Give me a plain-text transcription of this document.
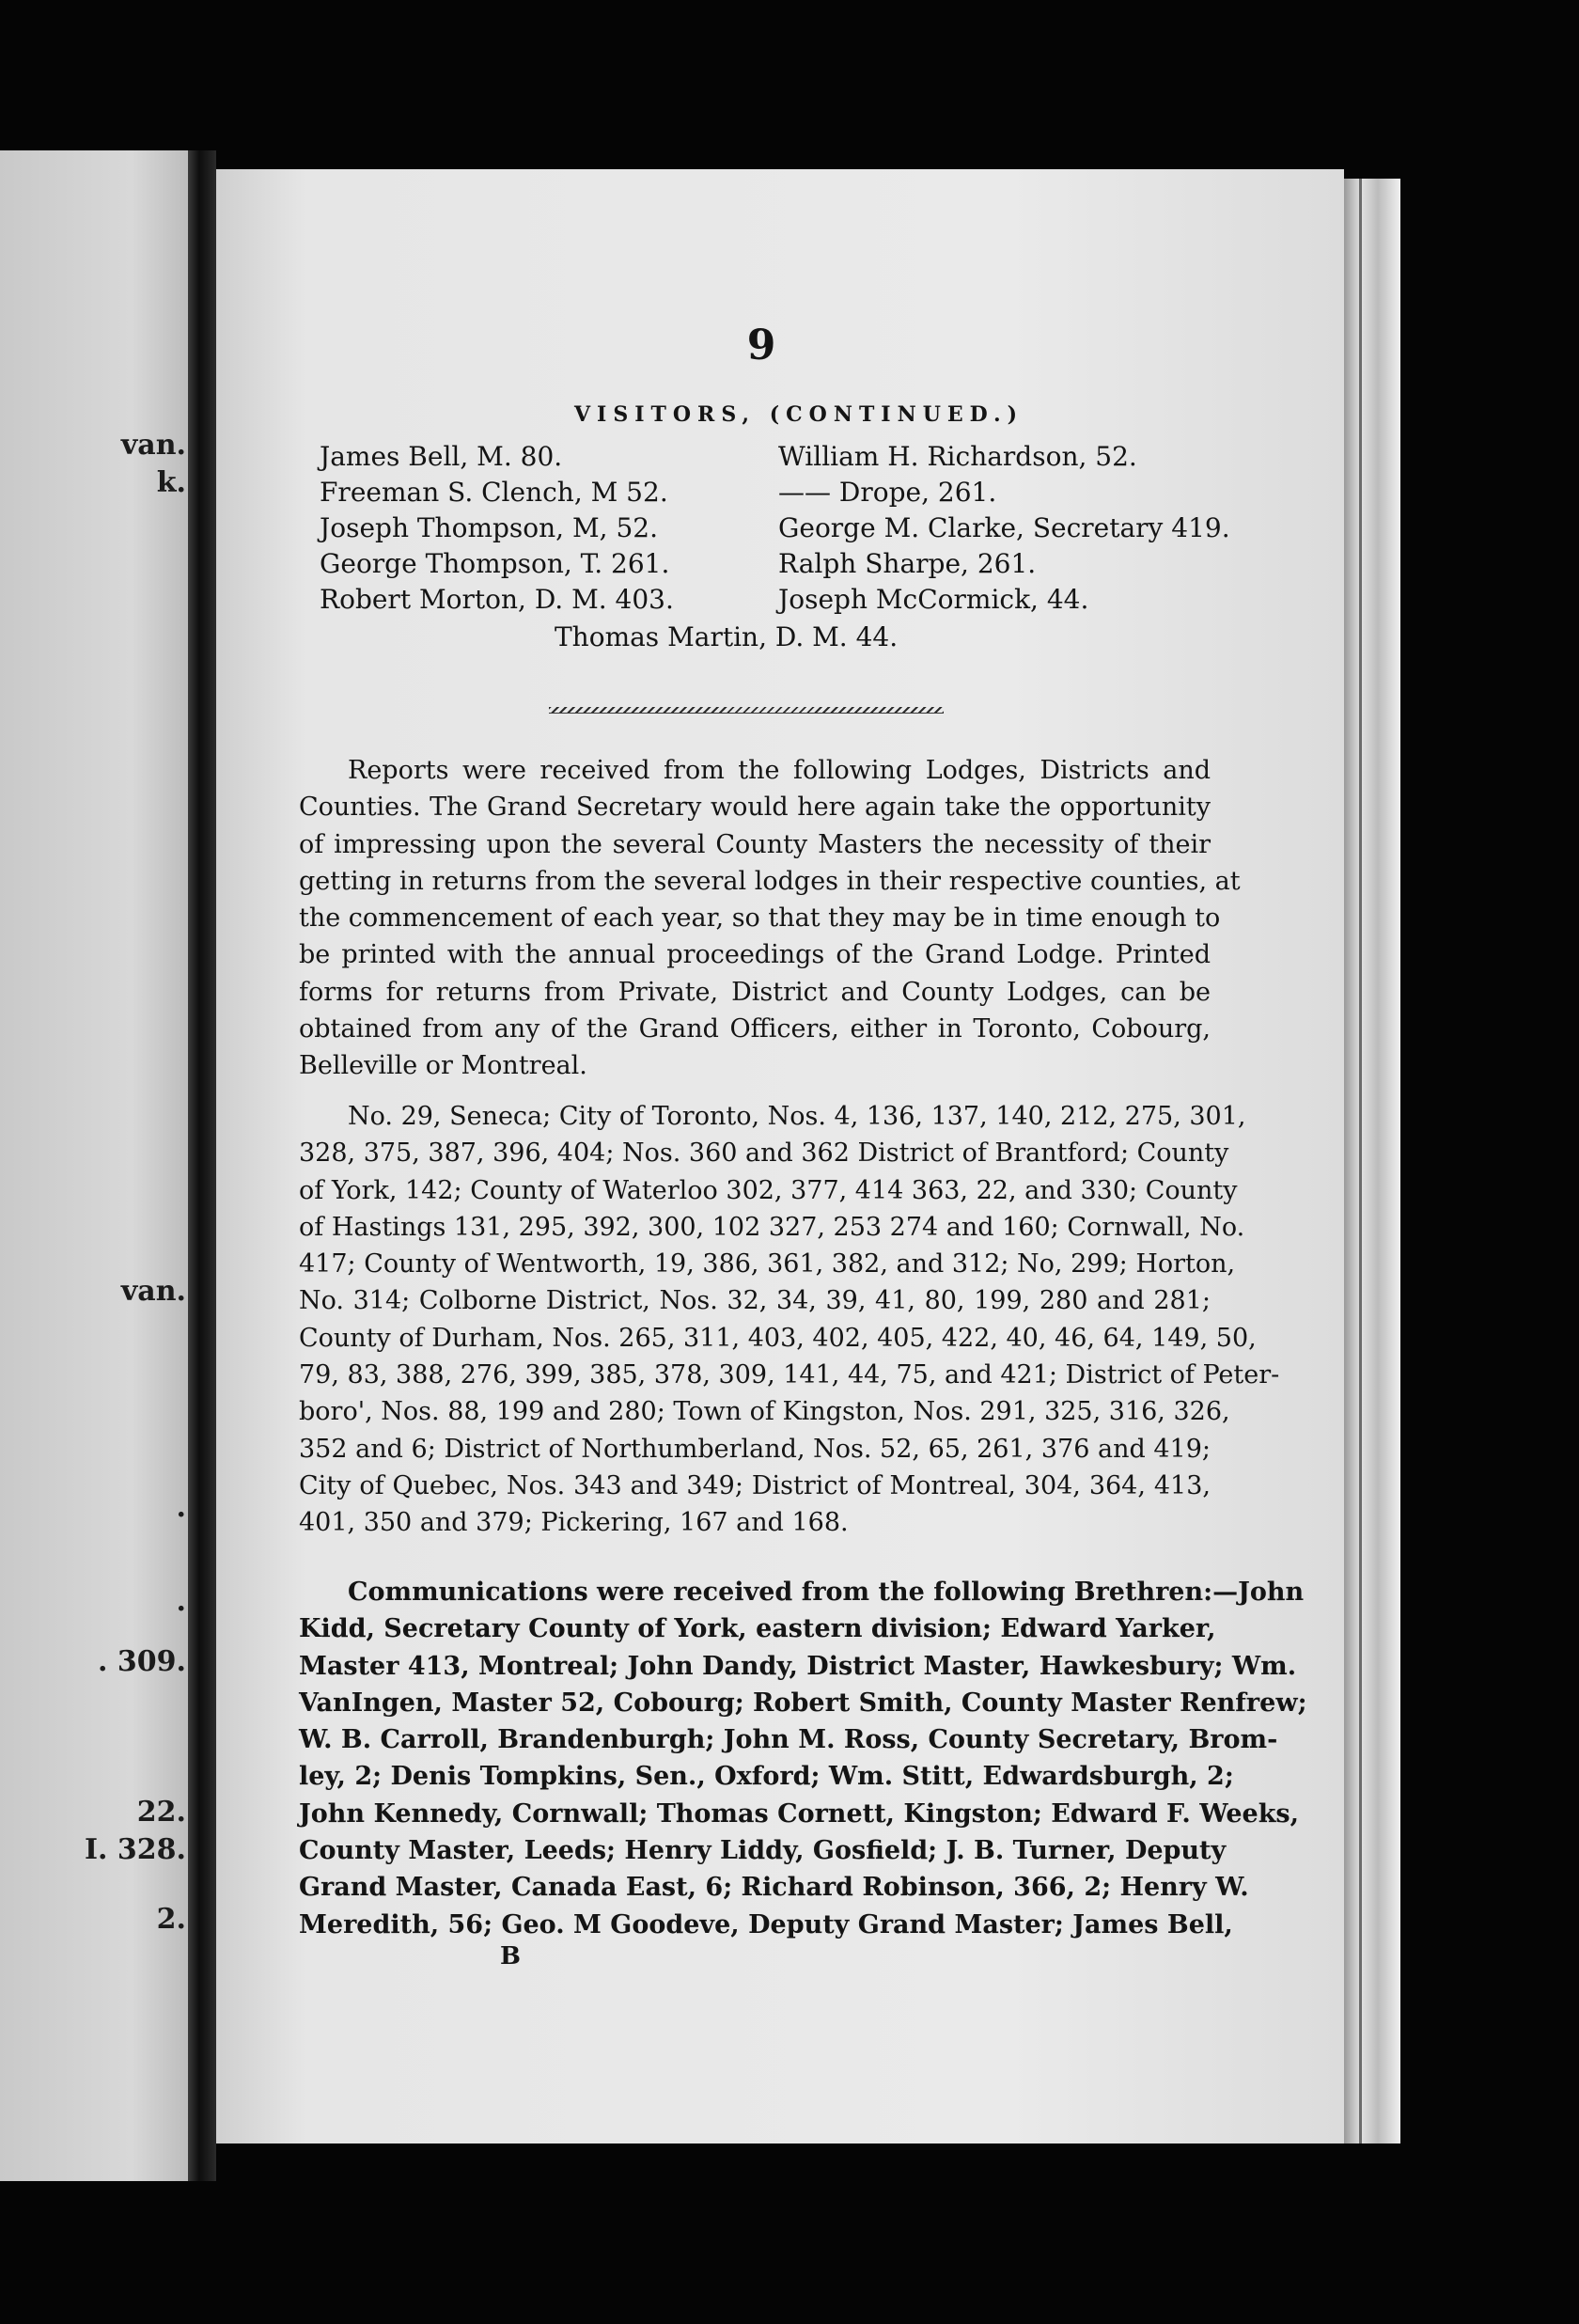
van.
k.
van.
.
.
. 309.
22.
I. 328.
2.
9
VISITORS, (CONTINUED.)
James Bell, M. 80.
Freeman S. Clench, M 52.
Joseph Thompson, M, 52.
George Thompson, T. 261.
Robert Morton, D. M. 403.
William H. Richardson, 52.
—— Drope, 261.
George M. Clarke, Secretary 419.
Ralph Sharpe, 261.
Joseph McCormick, 44.
Thomas Martin, D. M. 44.
Reports were received from the following Lodges, Districts and
Counties. The Grand Secretary would here again take the opportunity
of impressing upon the several County Masters the necessity of their
getting in returns from the several lodges in their respective counties, at
the commencement of each year, so that they may be in time enough to
be printed with the annual proceedings of the Grand Lodge. Printed
forms for returns from Private, District and County Lodges, can be
obtained from any of the Grand Officers, either in Toronto, Cobourg,
Belleville or Montreal.
No. 29, Seneca; City of Toronto, Nos. 4, 136, 137, 140, 212, 275, 301,
328, 375, 387, 396, 404; Nos. 360 and 362 District of Brantford; County
of York, 142; County of Waterloo 302, 377, 414 363, 22, and 330; County
of Hastings 131, 295, 392, 300, 102 327, 253 274 and 160; Cornwall, No.
417; County of Wentworth, 19, 386, 361, 382, and 312; No, 299; Horton,
No. 314; Colborne District, Nos. 32, 34, 39, 41, 80, 199, 280 and 281;
County of Durham, Nos. 265, 311, 403, 402, 405, 422, 40, 46, 64, 149, 50,
79, 83, 388, 276, 399, 385, 378, 309, 141, 44, 75, and 421; District of Peter-
boro', Nos. 88, 199 and 280; Town of Kingston, Nos. 291, 325, 316, 326,
352 and 6; District of Northumberland, Nos. 52, 65, 261, 376 and 419;
City of Quebec, Nos. 343 and 349; District of Montreal, 304, 364, 413,
401, 350 and 379; Pickering, 167 and 168.
Communications were received from the following Brethren:—John
Kidd, Secretary County of York, eastern division; Edward Yarker,
Master 413, Montreal; John Dandy, District Master, Hawkesbury; Wm.
VanIngen, Master 52, Cobourg; Robert Smith, County Master Renfrew;
W. B. Carroll, Brandenburgh; John M. Ross, County Secretary, Brom-
ley, 2; Denis Tompkins, Sen., Oxford; Wm. Stitt, Edwardsburgh, 2;
John Kennedy, Cornwall; Thomas Cornett, Kingston; Edward F. Weeks,
County Master, Leeds; Henry Liddy, Gosfield; J. B. Turner, Deputy
Grand Master, Canada East, 6; Richard Robinson, 366, 2; Henry W.
Meredith, 56; Geo. M Goodeve, Deputy Grand Master; James Bell,
B
